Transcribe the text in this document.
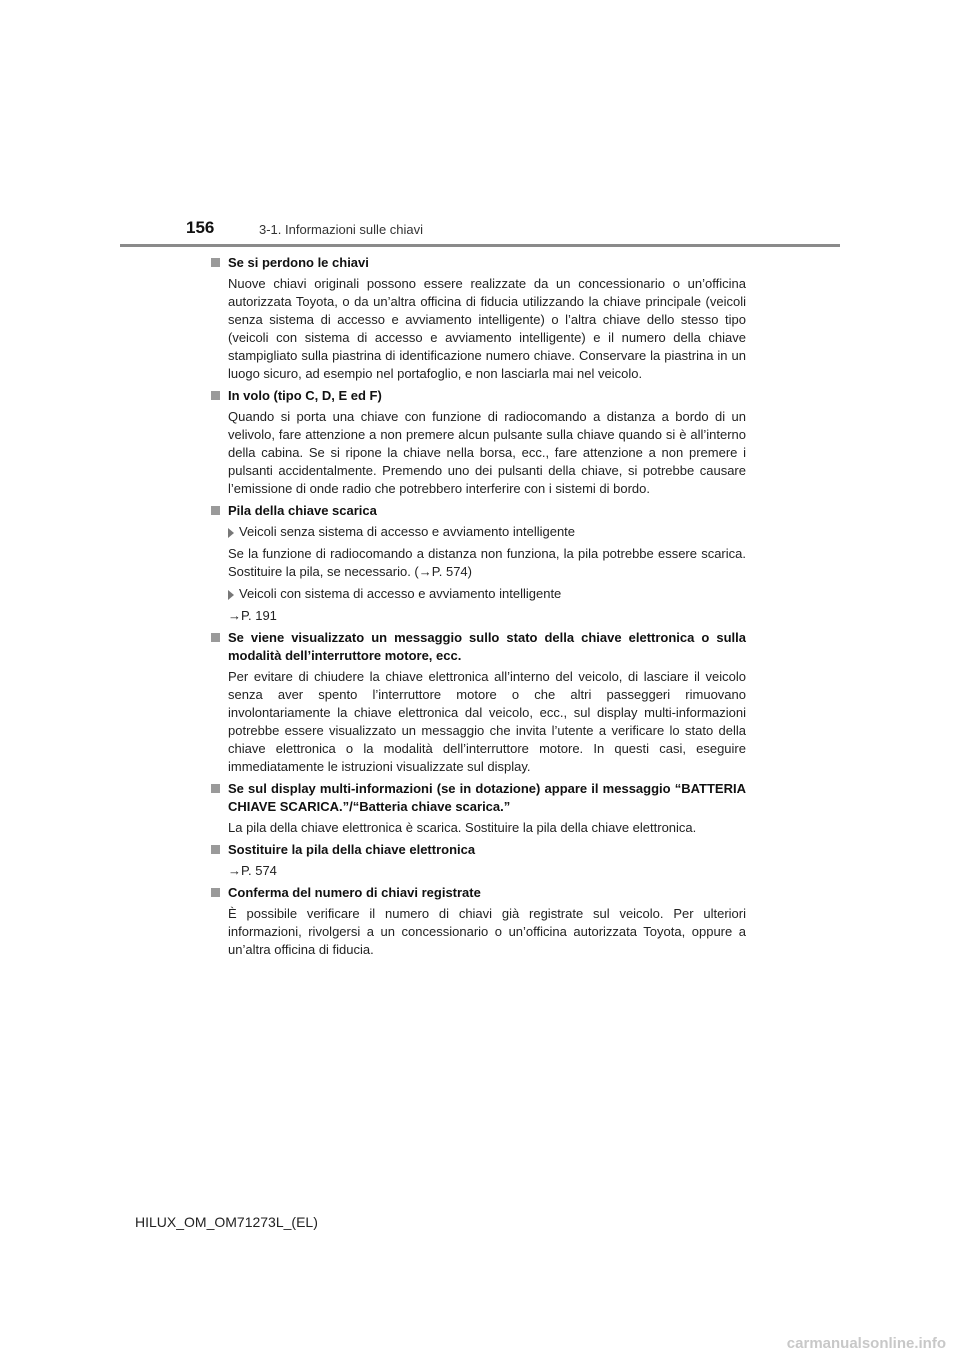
156	3-1. Informazioni sulle chiavi
Se si perdono le chiavi
Nuove chiavi originali possono essere realizzate da un concessionario o un’officina autorizzata Toyota, o da un’altra officina di fiducia utilizzando la chiave principale (veicoli senza sistema di accesso e avviamento intelligente) o l’altra chiave dello stesso tipo (veicoli con sistema di accesso e avviamento intelligente) e il numero della chiave stampigliato sulla piastrina di identificazione numero chiave. Conservare la piastrina in un luogo sicuro, ad esempio nel portafoglio, e non lasciarla mai nel veicolo.
In volo (tipo C, D, E ed F)
Quando si porta una chiave con funzione di radiocomando a distanza a bordo di un velivolo, fare attenzione a non premere alcun pulsante sulla chiave quando si è all’interno della cabina. Se si ripone la chiave nella borsa, ecc., fare attenzione a non premere i pulsanti accidentalmente. Premendo uno dei pulsanti della chiave, si potrebbe causare l’emissione di onde radio che potrebbero interferire con i sistemi di bordo.
Pila della chiave scarica
Veicoli senza sistema di accesso e avviamento intelligente
Se la funzione di radiocomando a distanza non funziona, la pila potrebbe essere scarica. Sostituire la pila, se necessario. (→P. 574)
Veicoli con sistema di accesso e avviamento intelligente
→P. 191
Se viene visualizzato un messaggio sullo stato della chiave elettronica o sulla modalità dell’interruttore motore, ecc.
Per evitare di chiudere la chiave elettronica all’interno del veicolo, di lasciare il veicolo senza aver spento l’interruttore motore o che altri passeggeri rimuovano involontariamente la chiave elettronica dal veicolo, ecc., sul display multi-informazioni potrebbe essere visualizzato un messaggio che invita l’utente a verificare lo stato della chiave elettronica o la modalità dell’interruttore motore. In questi casi, eseguire immediatamente le istruzioni visualizzate sul display.
Se sul display multi-informazioni (se in dotazione) appare il messaggio “BATTERIA CHIAVE SCARICA.”/“Batteria chiave scarica.”
La pila della chiave elettronica è scarica. Sostituire la pila della chiave elettronica.
Sostituire la pila della chiave elettronica
→P. 574
Conferma del numero di chiavi registrate
È possibile verificare il numero di chiavi già registrate sul veicolo. Per ulteriori informazioni, rivolgersi a un concessionario o un’officina autorizzata Toyota, oppure a un’altra officina di fiducia.
HILUX_OM_OM71273L_(EL)
carmanualsonline.info
